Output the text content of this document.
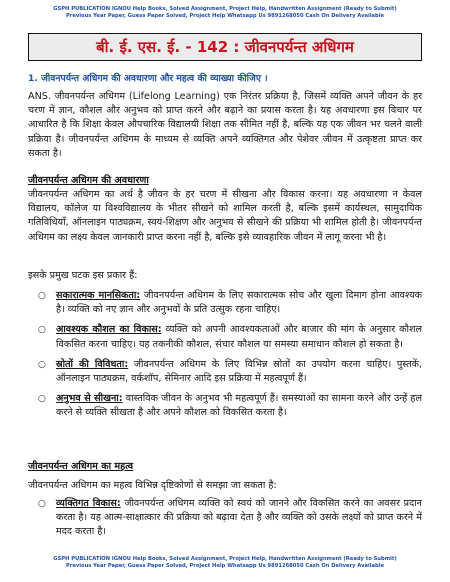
GSPH PUBLICATION IGNOU Help Books, Solved Assignment, Project Help, Handwritten Assignment (Ready to Submit)
Previous Year Paper, Guess Paper Solved, Project Help Whatsapp Us 9891268050 Cash On Delivery Available
बी. ई. एस. ई. - 142 : जीवनपर्यन्त अधिगम
1. जीवनपर्यन्त अधिगम की अवधारणा और महत्व की व्याख्या कीजिए ।

ANS. जीवनपर्यन्त अधिगम (Lifelong Learning) एक निरंतर प्रक्रिया है, जिसमें व्यक्ति अपने जीवन के हर चरण में ज्ञान, कौशल और अनुभव को प्राप्त करने और बढ़ाने का प्रयास करता है। यह अवधारणा इस विचार पर आधारित है कि शिक्षा केवल औपचारिक विद्यालयी शिक्षा तक सीमित नहीं है, बल्कि यह एक जीवन भर चलने वाली प्रक्रिया है। जीवनपर्यन्त अधिगम के माध्यम से व्यक्ति अपने व्यक्तिगत और पेशेवर जीवन में उत्कृष्टता प्राप्त कर सकता है।

जीवनपर्यन्त अधिगम की अवधारणा

जीवनपर्यन्त अधिगम का अर्थ है जीवन के हर चरण में सीखना और विकास करना। यह अवधारणा न केवल विद्यालय, कॉलेज या विश्वविद्यालय के भीतर सीखने को शामिल करती है, बल्कि इसमें कार्यस्थल, सामुदायिक गतिविधियाँ, ऑनलाइन पाठ्यक्रम, स्वयं-शिक्षण और अनुभव से सीखने की प्रक्रिया भी शामिल होती है। जीवनपर्यन्त अधिगम का लक्ष्य केवल जानकारी प्राप्त करना नहीं है, बल्कि इसे व्यावहारिक जीवन में लागू करना भी है।

इसके प्रमुख घटक इस प्रकार हैं:

○ सकारात्मक मानसिकता: जीवनपर्यन्त अधिगम के लिए सकारात्मक सोच और खुला दिमाग होना आवश्यक है। व्यक्ति को नए ज्ञान और अनुभवों के प्रति उत्सुक रहना चाहिए।
○ आवश्यक कौशल का विकास: व्यक्ति को अपनी आवश्यकताओं और बाजार की मांग के अनुसार कौशल विकसित करना चाहिए। यह तकनीकी कौशल, संचार कौशल या समस्या समाधान कौशल हो सकता है।
○ स्रोतों की विविधता: जीवनपर्यन्त अधिगम के लिए विभिन्न स्रोतों का उपयोग करना चाहिए। पुस्तकें, ऑनलाइन पाठ्यक्रम, वर्कशॉप, सेमिनार आदि इस प्रक्रिया में महत्वपूर्ण हैं।
○ अनुभव से सीखना: वास्तविक जीवन के अनुभव भी महत्वपूर्ण हैं। समस्याओं का सामना करने और उन्हें हल करने से व्यक्ति सीखता है और अपने कौशल को विकसित करता है।
जीवनपर्यन्त अधिगम का महत्व

जीवनपर्यन्त अधिगम का महत्व विभिन्न दृष्टिकोणों से समझा जा सकता है:

○ व्यक्तिगत विकास: जीवनपर्यन्त अधिगम व्यक्ति को स्वयं को जानने और विकसित करने का अवसर प्रदान करता है। यह आत्म-साक्षात्कार की प्रक्रिया को बढ़ावा देता है और व्यक्ति को उसके लक्ष्यों को प्राप्त करने में मदद करता है।
GSPH PUBLICATION IGNOU Help Books, Solved Assignment, Project Help, Handwritten Assignment (Ready to Submit)
Previous Year Paper, Guess Paper Solved, Project Help Whatsapp Us 9891268050 Cash On Delivery Available
